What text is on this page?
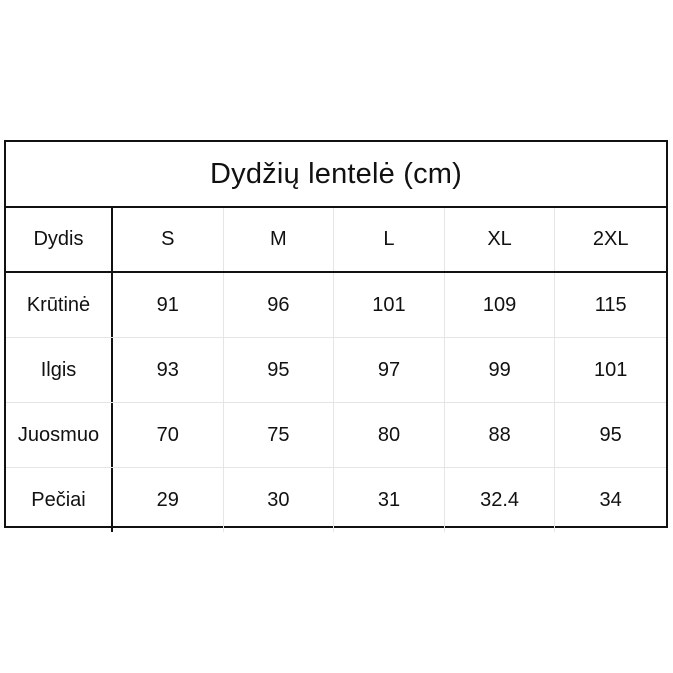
Dydžių lentelė (cm)
Dydis	S	M	L	XL	2XL
Krūtinė	91	96	101	109	115
Ilgis	93	95	97	99	101
Juosmuo	70	75	80	88	95
Pečiai	29	30	31	32.4	34
